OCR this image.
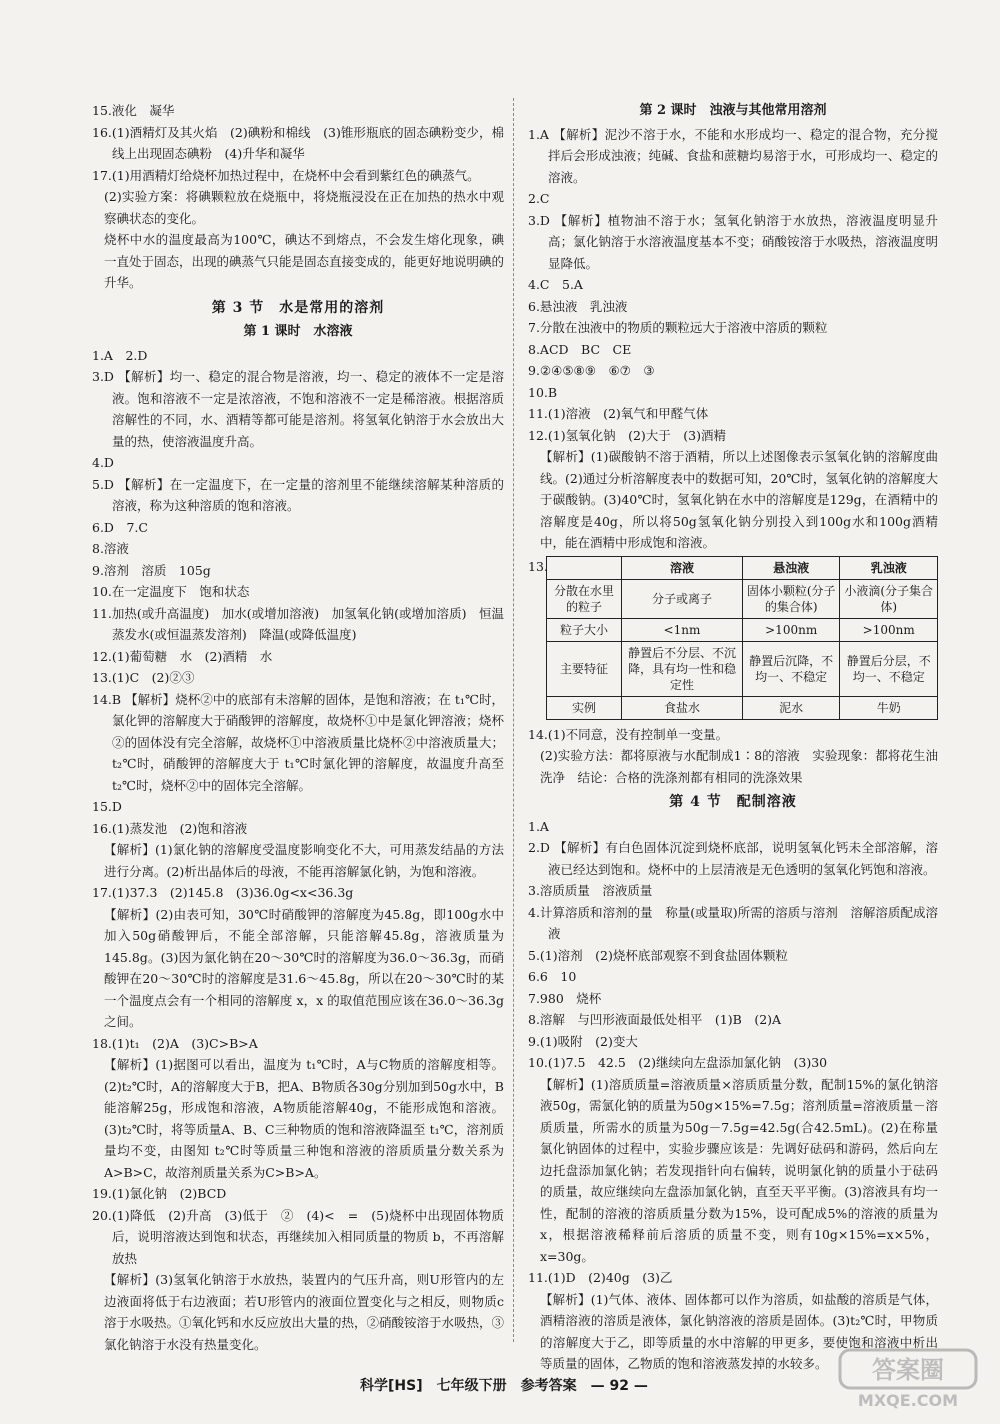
15.液化　凝华

16.(1)酒精灯及其火焰　(2)碘粉和棉线　(3)锥形瓶底的固态碘粉变少，棉线上出现固态碘粉　(4)升华和凝华

17.(1)用酒精灯给烧杯加热过程中，在烧杯中会看到紫红色的碘蒸气。

(2)实验方案：将碘颗粒放在烧瓶中，将烧瓶浸没在正在加热的热水中观察碘状态的变化。

烧杯中水的温度最高为100℃，碘达不到熔点，不会发生熔化现象，碘一直处于固态，出现的碘蒸气只能是固态直接变成的，能更好地说明碘的升华。

第 3 节　水是常用的溶剂
第 1 课时　水溶液

1.A　2.D

3.D 【解析】均一、稳定的混合物是溶液，均一、稳定的液体不一定是溶液。饱和溶液不一定是浓溶液，不饱和溶液不一定是稀溶液。根据溶质溶解性的不同，水、酒精等都可能是溶剂。将氢氧化钠溶于水会放出大量的热，使溶液温度升高。

4.D

5.D 【解析】在一定温度下，在一定量的溶剂里不能继续溶解某种溶质的溶液，称为这种溶质的饱和溶液。

6.D　7.C

8.溶液

9.溶剂　溶质　105g

10.在一定温度下　饱和状态

11.加热(或升高温度)　加水(或增加溶液)　加氢氧化钠(或增加溶质)　恒温蒸发水(或恒温蒸发溶剂)　降温(或降低温度)

12.(1)葡萄糖　水　(2)酒精　水

13.(1)C　(2)②③

14.B 【解析】烧杯②中的底部有未溶解的固体，是饱和溶液；在 t₁℃时，氯化钾的溶解度大于硝酸钾的溶解度，故烧杯①中是氯化钾溶液；烧杯②的固体没有完全溶解，故烧杯①中溶液质量比烧杯②中溶液质量大；t₂℃时，硝酸钾的溶解度大于 t₁℃时氯化钾的溶解度，故温度升高至 t₂℃时，烧杯②中的固体完全溶解。

15.D

16.(1)蒸发池　(2)饱和溶液

【解析】(1)氯化钠的溶解度受温度影响变化不大，可用蒸发结晶的方法进行分离。(2)析出晶体后的母液，不能再溶解氯化钠，为饱和溶液。

17.(1)37.3　(2)145.8　(3)36.0g<x<36.3g

【解析】(2)由表可知，30℃时硝酸钾的溶解度为45.8g，即100g水中加入50g硝酸钾后，不能全部溶解，只能溶解45.8g，溶液质量为145.8g。(3)因为氯化钠在20～30℃时的溶解度为36.0～36.3g，而硝酸钾在20～30℃时的溶解度是31.6～45.8g，所以在20～30℃时的某一个温度点会有一个相同的溶解度 x，x 的取值范围应该在36.0～36.3g之间。

18.(1)t₁　(2)A　(3)C>B>A

【解析】(1)据图可以看出，温度为 t₁℃时，A与C物质的溶解度相等。(2)t₂℃时，A的溶解度大于B，把A、B物质各30g分别加到50g水中，B能溶解25g，形成饱和溶液，A物质能溶解40g，不能形成饱和溶液。(3)t₂℃时，将等质量A、B、C三种物质的饱和溶液降温至 t₁℃，溶剂质量均不变，由图知 t₂℃时等质量三种饱和溶液的溶质质量分数关系为A>B>C，故溶剂质量关系为C>B>A。

19.(1)氯化钠　(2)BCD

20.(1)降低　(2)升高　(3)低于　②　(4)<　=　(5)烧杯中出现固体物质后，说明溶液达到饱和状态，再继续加入相同质量的物质 b，不再溶解放热

【解析】(3)氢氧化钠溶于水放热，装置内的气压升高，则U形管内的左边液面将低于右边液面；若U形管内的液面位置变化与之相反，则物质c溶于水吸热。①氧化钙和水反应放出大量的热，②硝酸铵溶于水吸热，③氯化钠溶于水没有热量变化。

第 2 课时　浊液与其他常用溶剂

1.A 【解析】泥沙不溶于水，不能和水形成均一、稳定的混合物，充分搅拌后会形成浊液；纯碱、食盐和蔗糖均易溶于水，可形成均一、稳定的溶液。

2.C

3.D 【解析】植物油不溶于水；氢氧化钠溶于水放热，溶液温度明显升高；氯化钠溶于水溶液温度基本不变；硝酸铵溶于水吸热，溶液温度明显降低。

4.C　5.A

6.悬浊液　乳浊液

7.分散在浊液中的物质的颗粒远大于溶液中溶质的颗粒

8.ACD　BC　CE

9.②④⑤⑧⑨　⑥⑦　③

10.B

11.(1)溶液　(2)氧气和甲醛气体

12.(1)氢氧化钠　(2)大于　(3)酒精

【解析】(1)碳酸钠不溶于酒精，所以上述图像表示氢氧化钠的溶解度曲线。(2)通过分析溶解度表中的数据可知，20℃时，氢氧化钠的溶解度大于碳酸钠。(3)40℃时，氢氧化钠在水中的溶解度是129g，在酒精中的溶解度是40g，所以将50g氢氧化钠分别投入到100g水和100g酒精中，能在酒精中形成饱和溶液。

13.
		溶液	悬浊液	乳浊液
分散在水里的粒子	分子或离子	固体小颗粒(分子的集合体)	小液滴(分子集合体)
粒子大小	<1nm	>100nm	>100nm
主要特征	静置后不分层、不沉降，具有均一性和稳定性	静置后沉降，不均一、不稳定	静置后分层，不均一、不稳定
实例	食盐水	泥水	牛奶

14.(1)不同意，没有控制单一变量。

(2)实验方法：都将原液与水配制成1∶8的溶液　实验现象：都将花生油洗净　结论：合格的洗涤剂都有相同的洗涤效果

第 4 节　配制溶液

1.A

2.D 【解析】有白色固体沉淀到烧杯底部，说明氢氧化钙未全部溶解，溶液已经达到饱和。烧杯中的上层清液是无色透明的氢氧化钙饱和溶液。

3.溶质质量　溶液质量

4.计算溶质和溶剂的量　称量(或量取)所需的溶质与溶剂　溶解溶质配成溶液

5.(1)溶剂　(2)烧杯底部观察不到食盐固体颗粒

6.6　10

7.980　烧杯

8.溶解　与凹形液面最低处相平　(1)B　(2)A

9.(1)吸附　(2)变大

10.(1)7.5　42.5　(2)继续向左盘添加氯化钠　(3)30

【解析】(1)溶质质量=溶液质量×溶质质量分数，配制15%的氯化钠溶液50g，需氯化钠的质量为50g×15%=7.5g；溶剂质量=溶液质量－溶质质量，所需水的质量为50g－7.5g=42.5g(合42.5mL)。(2)在称量氯化钠固体的过程中，实验步骤应该是：先调好砝码和游码，然后向左边托盘添加氯化钠；若发现指针向右偏转，说明氯化钠的质量小于砝码的质量，故应继续向左盘添加氯化钠，直至天平平衡。(3)溶液具有均一性，配制的溶液的溶质质量分数为15%，设可配成5%的溶液的质量为 x，根据溶液稀释前后溶质的质量不变，则有10g×15%=x×5%，x=30g。

11.(1)D　(2)40g　(3)乙

【解析】(1)气体、液体、固体都可以作为溶质，如盐酸的溶质是气体，酒精溶液的溶质是液体，氯化钠溶液的溶质是固体。(3)t₂℃时，甲物质的溶解度大于乙，即等质量的水中溶解的甲更多，要使饱和溶液中析出等质量的固体，乙物质的饱和溶液蒸发掉的水较多。

科学[HS]　七年级下册　参考答案　— 92 —
答案圈
MXQE.COM
